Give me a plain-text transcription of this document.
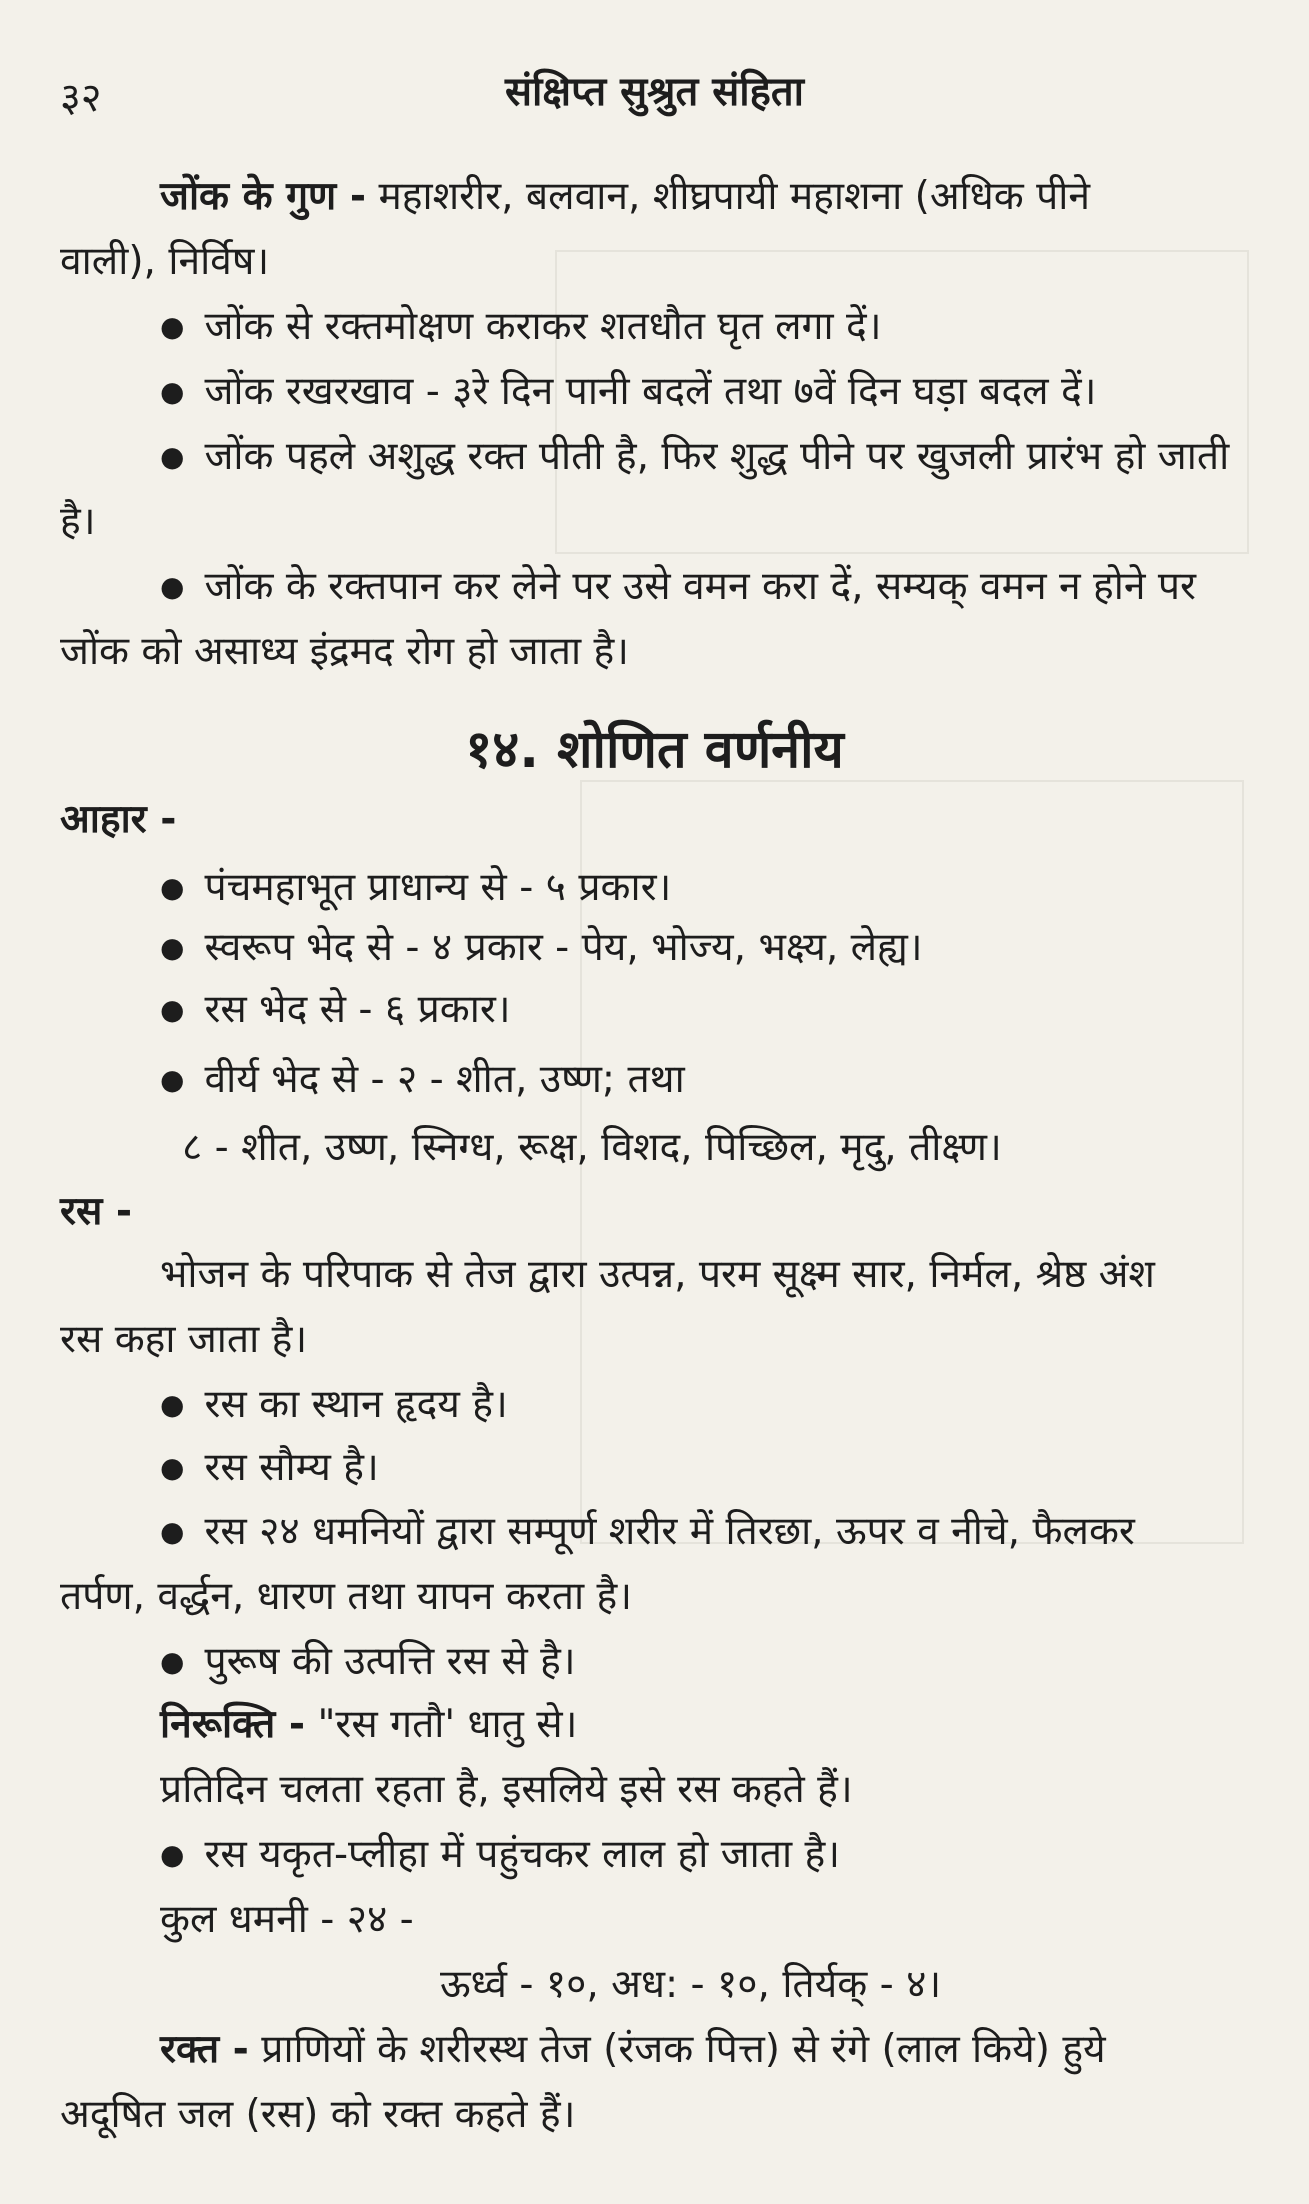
३२	संक्षिप्त सुश्रुत संहिता
जोंक के गुण - महाशरीर, बलवान, शीघ्रपायी महाशना (अधिक पीने
वाली), निर्विष।
● जोंक से रक्तमोक्षण कराकर शतधौत घृत लगा दें।
● जोंक रखरखाव - ३रे दिन पानी बदलें तथा ७वें दिन घड़ा बदल दें।
● जोंक पहले अशुद्ध रक्त पीती है, फिर शुद्ध पीने पर खुजली प्रारंभ हो जाती
है।
● जोंक के रक्तपान कर लेने पर उसे वमन करा दें, सम्यक् वमन न होने पर
जोंक को असाध्य इंद्रमद रोग हो जाता है।
१४. शोणित वर्णनीय
आहार -
● पंचमहाभूत प्राधान्य से - ५ प्रकार।
● स्वरूप भेद से - ४ प्रकार - पेय, भोज्य, भक्ष्य, लेह्य।
● रस भेद से - ६ प्रकार।
● वीर्य भेद से - २ - शीत, उष्ण; तथा
८ - शीत, उष्ण, स्निग्ध, रूक्ष, विशद, पिच्छिल, मृदु, तीक्ष्ण।
रस -
भोजन के परिपाक से तेज द्वारा उत्पन्न, परम सूक्ष्म सार, निर्मल, श्रेष्ठ अंश
रस कहा जाता है।
● रस का स्थान हृदय है।
● रस सौम्य है।
● रस २४ धमनियों द्वारा सम्पूर्ण शरीर में तिरछा, ऊपर व नीचे, फैलकर
तर्पण, वर्द्धन, धारण तथा यापन करता है।
● पुरूष की उत्पत्ति रस से है।
निरूक्ति - "रस गतौ' धातु से।
प्रतिदिन चलता रहता है, इसलिये इसे रस कहते हैं।
● रस यकृत-प्लीहा में पहुंचकर लाल हो जाता है।
कुल धमनी - २४ -
ऊर्ध्व - १०, अध: - १०, तिर्यक् - ४।
रक्त - प्राणियों के शरीरस्थ तेज (रंजक पित्त) से रंगे (लाल किये) हुये
अदूषित जल (रस) को रक्त कहते हैं।
